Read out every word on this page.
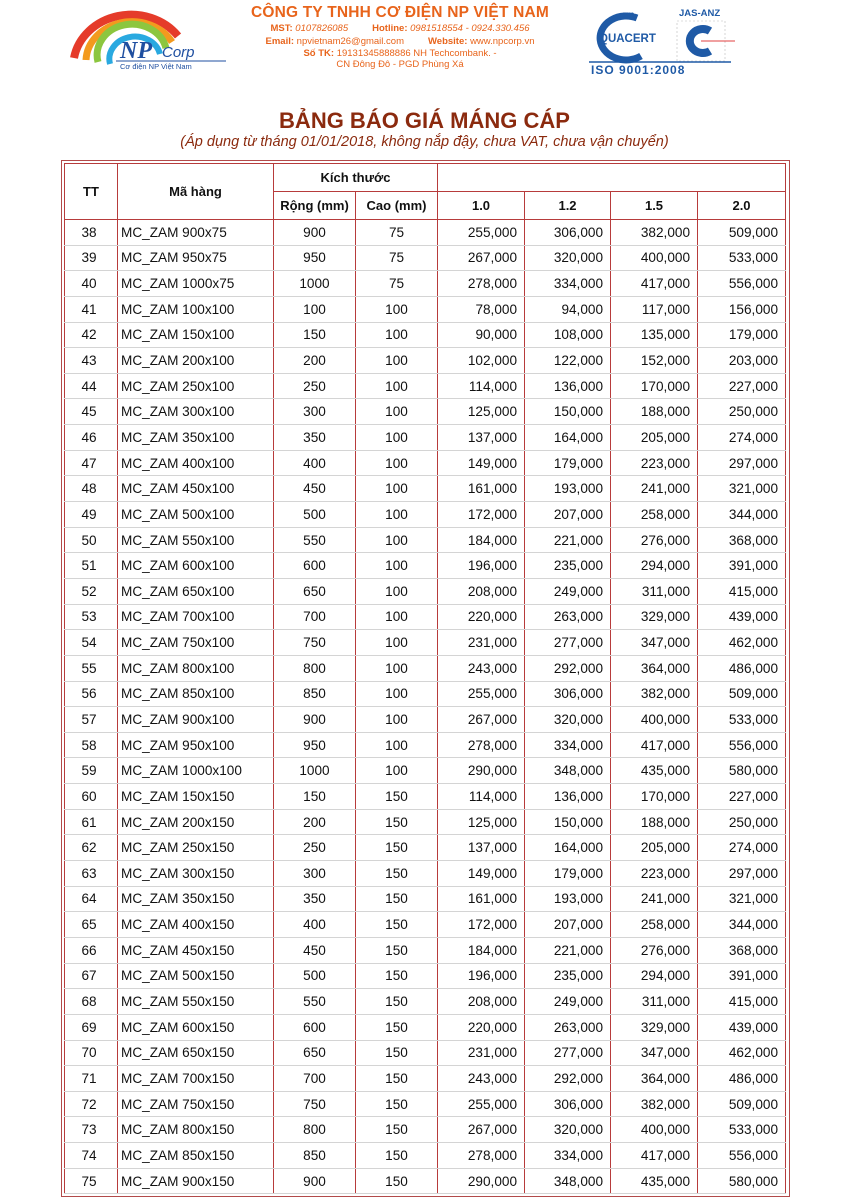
NP Corp
Cơ điện NP Việt Nam
CÔNG TY TNHH CƠ ĐIỆN NP VIỆT NAM
MST: 0107826085	Hotline: 0981518554 - 0924.330.456
Email: npvietnam26@gmail.com	Website: www.npcorp.vn
Số TK: 19131345888886 NH Techcombank. -
CN Đông Đô - PGD Phùng Xá
vn
QUACERT
JAS-ANZ
ISO 9001:2008
BẢNG BÁO GIÁ MÁNG CÁP
(Áp dụng từ tháng 01/01/2018, không nắp đậy, chưa VAT, chưa vận chuyển)
TT	Mã hàng	Kích thước					
		Rộng (mm)	Cao (mm)	1.0	1.2	1.5	2.0
38	MC_ZAM 900x75	900	75	255,000	306,000	382,000	509,000
39	MC_ZAM 950x75	950	75	267,000	320,000	400,000	533,000
40	MC_ZAM 1000x75	1000	75	278,000	334,000	417,000	556,000
41	MC_ZAM 100x100	100	100	78,000	94,000	117,000	156,000
42	MC_ZAM 150x100	150	100	90,000	108,000	135,000	179,000
43	MC_ZAM 200x100	200	100	102,000	122,000	152,000	203,000
44	MC_ZAM 250x100	250	100	114,000	136,000	170,000	227,000
45	MC_ZAM 300x100	300	100	125,000	150,000	188,000	250,000
46	MC_ZAM 350x100	350	100	137,000	164,000	205,000	274,000
47	MC_ZAM 400x100	400	100	149,000	179,000	223,000	297,000
48	MC_ZAM 450x100	450	100	161,000	193,000	241,000	321,000
49	MC_ZAM 500x100	500	100	172,000	207,000	258,000	344,000
50	MC_ZAM 550x100	550	100	184,000	221,000	276,000	368,000
51	MC_ZAM 600x100	600	100	196,000	235,000	294,000	391,000
52	MC_ZAM 650x100	650	100	208,000	249,000	311,000	415,000
53	MC_ZAM 700x100	700	100	220,000	263,000	329,000	439,000
54	MC_ZAM 750x100	750	100	231,000	277,000	347,000	462,000
55	MC_ZAM 800x100	800	100	243,000	292,000	364,000	486,000
56	MC_ZAM 850x100	850	100	255,000	306,000	382,000	509,000
57	MC_ZAM 900x100	900	100	267,000	320,000	400,000	533,000
58	MC_ZAM 950x100	950	100	278,000	334,000	417,000	556,000
59	MC_ZAM 1000x100	1000	100	290,000	348,000	435,000	580,000
60	MC_ZAM 150x150	150	150	114,000	136,000	170,000	227,000
61	MC_ZAM 200x150	200	150	125,000	150,000	188,000	250,000
62	MC_ZAM 250x150	250	150	137,000	164,000	205,000	274,000
63	MC_ZAM 300x150	300	150	149,000	179,000	223,000	297,000
64	MC_ZAM 350x150	350	150	161,000	193,000	241,000	321,000
65	MC_ZAM 400x150	400	150	172,000	207,000	258,000	344,000
66	MC_ZAM 450x150	450	150	184,000	221,000	276,000	368,000
67	MC_ZAM 500x150	500	150	196,000	235,000	294,000	391,000
68	MC_ZAM 550x150	550	150	208,000	249,000	311,000	415,000
69	MC_ZAM 600x150	600	150	220,000	263,000	329,000	439,000
70	MC_ZAM 650x150	650	150	231,000	277,000	347,000	462,000
71	MC_ZAM 700x150	700	150	243,000	292,000	364,000	486,000
72	MC_ZAM 750x150	750	150	255,000	306,000	382,000	509,000
73	MC_ZAM 800x150	800	150	267,000	320,000	400,000	533,000
74	MC_ZAM 850x150	850	150	278,000	334,000	417,000	556,000
75	MC_ZAM 900x150	900	150	290,000	348,000	435,000	580,000
